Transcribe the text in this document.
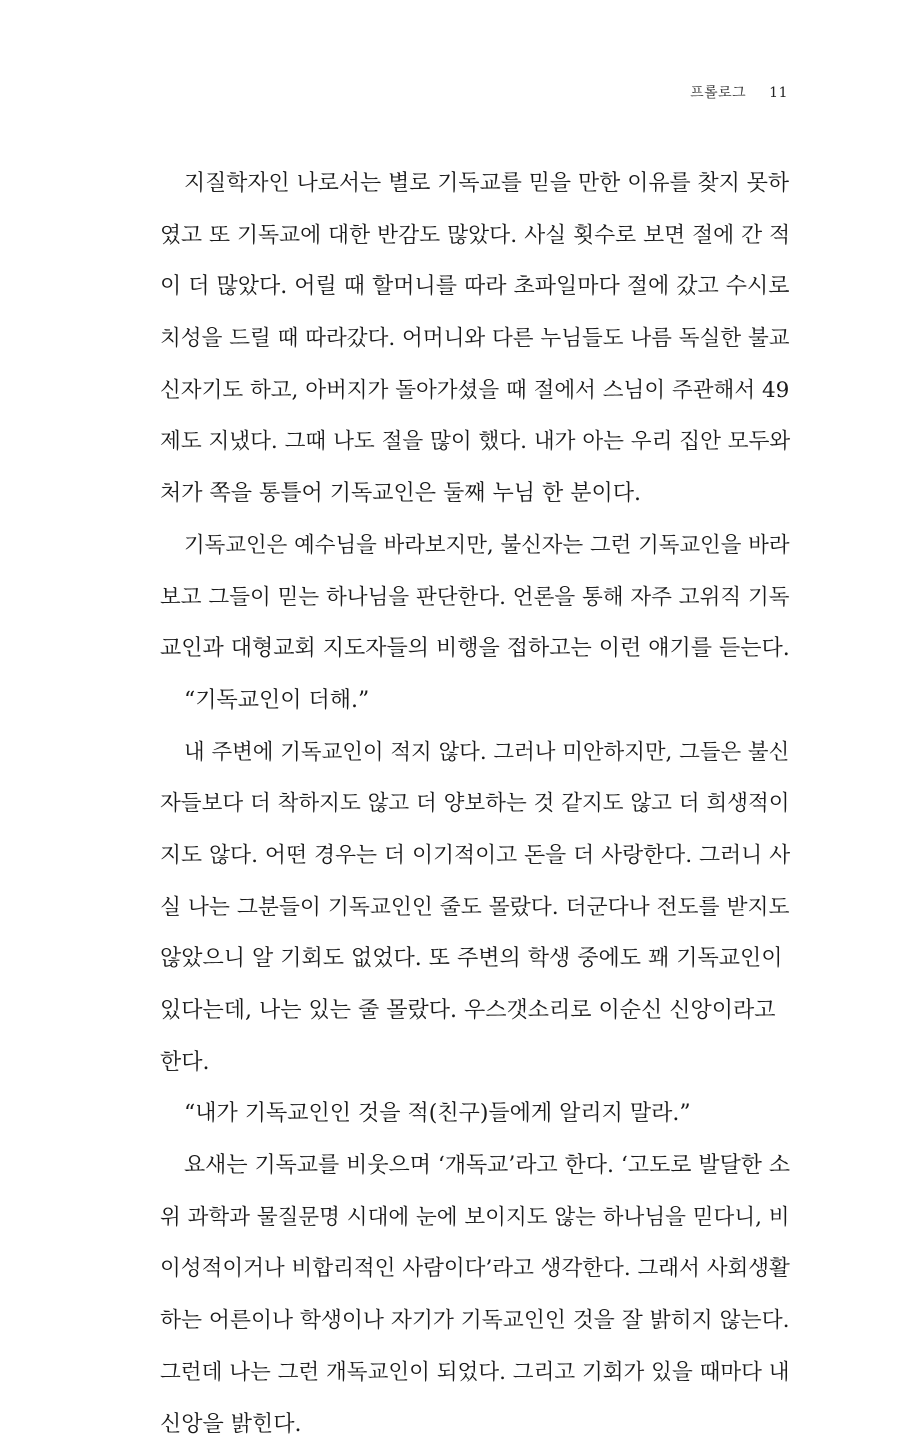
프롤로그 11
지질학자인 나로서는 별로 기독교를 믿을 만한 이유를 찾지 못하
였고 또 기독교에 대한 반감도 많았다. 사실 횟수로 보면 절에 간 적
이 더 많았다. 어릴 때 할머니를 따라 초파일마다 절에 갔고 수시로
치성을 드릴 때 따라갔다. 어머니와 다른 누님들도 나름 독실한 불교
신자기도 하고, 아버지가 돌아가셨을 때 절에서 스님이 주관해서 49
제도 지냈다. 그때 나도 절을 많이 했다. 내가 아는 우리 집안 모두와
처가 쪽을 통틀어 기독교인은 둘째 누님 한 분이다.
기독교인은 예수님을 바라보지만, 불신자는 그런 기독교인을 바라
보고 그들이 믿는 하나님을 판단한다. 언론을 통해 자주 고위직 기독
교인과 대형교회 지도자들의 비행을 접하고는 이런 얘기를 듣는다.
“기독교인이 더해.”
내 주변에 기독교인이 적지 않다. 그러나 미안하지만, 그들은 불신
자들보다 더 착하지도 않고 더 양보하는 것 같지도 않고 더 희생적이
지도 않다. 어떤 경우는 더 이기적이고 돈을 더 사랑한다. 그러니 사
실 나는 그분들이 기독교인인 줄도 몰랐다. 더군다나 전도를 받지도
않았으니 알 기회도 없었다. 또 주변의 학생 중에도 꽤 기독교인이
있다는데, 나는 있는 줄 몰랐다. 우스갯소리로 이순신 신앙이라고
한다.
“내가 기독교인인 것을 적(친구)들에게 알리지 말라.”
요새는 기독교를 비웃으며 ‘개독교’라고 한다. ‘고도로 발달한 소
위 과학과 물질문명 시대에 눈에 보이지도 않는 하나님을 믿다니, 비
이성적이거나 비합리적인 사람이다’라고 생각한다. 그래서 사회생활
하는 어른이나 학생이나 자기가 기독교인인 것을 잘 밝히지 않는다.
그런데 나는 그런 개독교인이 되었다. 그리고 기회가 있을 때마다 내
신앙을 밝힌다.
